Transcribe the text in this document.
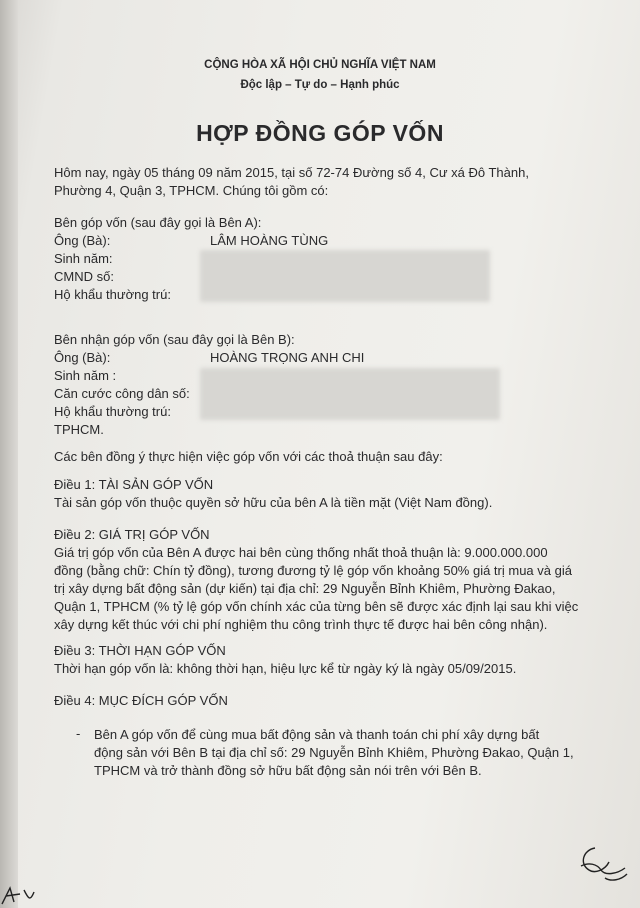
CỘNG HÒA XÃ HỘI CHỦ NGHĨA VIỆT NAM

Độc lập – Tự do – Hạnh phúc

HỢP ĐỒNG GÓP VỐN

Hôm nay, ngày 05 tháng 09 năm 2015, tại số 72-74 Đường số 4, Cư xá Đô Thành,

Phường 4, Quận 3, TPHCM. Chúng tôi gồm có:

Bên góp vốn (sau đây gọi là Bên A):

Ông (Bà):	LÂM HOÀNG TÙNG

Sinh năm:

CMND số:

Hộ khẩu thường trú:

Bên nhận góp vốn (sau đây gọi là Bên B):

Ông (Bà):	HOÀNG TRỌNG ANH CHI

Sinh năm :

Căn cước công dân số:

Hộ khẩu thường trú:

TPHCM.

Các bên đồng ý thực hiện việc góp vốn với các thoả thuận sau đây:

Điều 1: TÀI SẢN GÓP VỐN

Tài sản góp vốn thuộc quyền sở hữu của bên A là tiền mặt (Việt Nam đồng).

Điều 2: GIÁ TRỊ GÓP VỐN

Giá trị góp vốn của Bên A được hai bên cùng thống nhất thoả thuận là: 9.000.000.000

đồng (bằng chữ: Chín tỷ đồng), tương đương tỷ lệ góp vốn khoảng 50% giá trị mua và giá

trị xây dựng bất động sản (dự kiến) tại địa chỉ: 29 Nguyễn Bỉnh Khiêm, Phường Đakao,

Quận 1, TPHCM (% tỷ lệ góp vốn chính xác của từng bên sẽ được xác định lại sau khi việc

xây dựng kết thúc với chi phí nghiệm thu công trình thực tế được hai bên công nhận).

Điều 3: THỜI HẠN GÓP VỐN

Thời hạn góp vốn là: không thời hạn, hiệu lực kể từ ngày ký là ngày 05/09/2015.

Điều 4: MỤC ĐÍCH GÓP VỐN

- Bên A góp vốn để cùng mua bất động sản và thanh toán chi phí xây dựng bất

động sản với Bên B tại địa chỉ số: 29 Nguyễn Bỉnh Khiêm, Phường Đakao, Quận 1,

TPHCM và trở thành đồng sở hữu bất động sản nói trên với Bên B.
